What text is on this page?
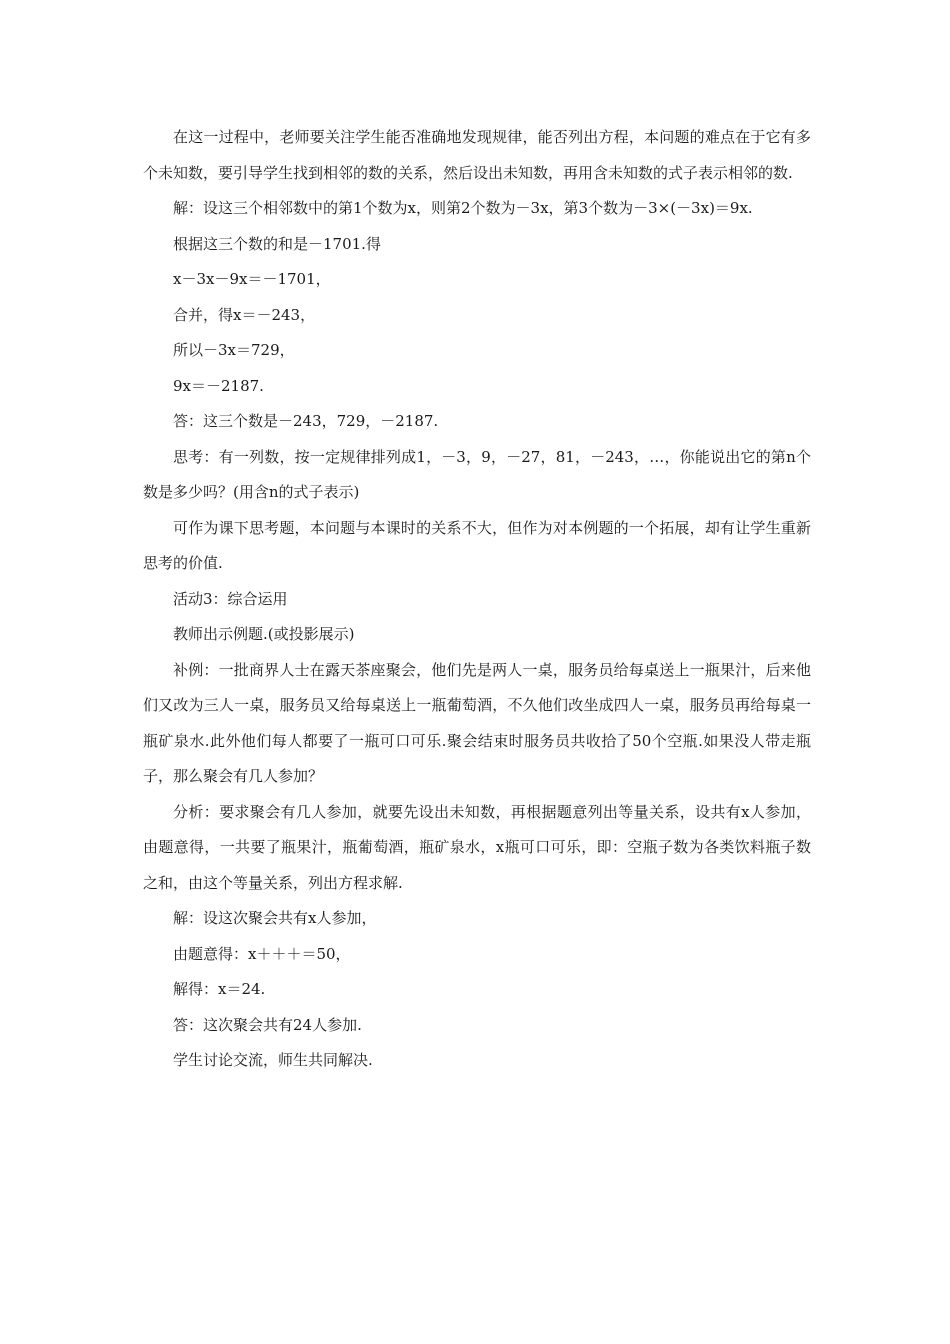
在这一过程中，老师要关注学生能否准确地发现规律，能否列出方程，本问题的难点在于它有多个未知数，要引导学生找到相邻的数的关系，然后设出未知数，再用含未知数的式子表示相邻的数.

解：设这三个相邻数中的第1个数为x，则第2个数为－3x，第3个数为－3×(－3x)＝9x.

根据这三个数的和是－1701.得

x－3x－9x＝－1701，

合并，得x＝－243，

所以－3x＝729，

9x＝－2187.

答：这三个数是－243，729，－2187.

思考：有一列数，按一定规律排列成1，－3，9，－27，81，－243，…，你能说出它的第n个数是多少吗？(用含n的式子表示)

可作为课下思考题，本问题与本课时的关系不大，但作为对本例题的一个拓展，却有让学生重新思考的价值.

活动3：综合运用

教师出示例题.(或投影展示)

补例：一批商界人士在露天茶座聚会，他们先是两人一桌，服务员给每桌送上一瓶果汁，后来他们又改为三人一桌，服务员又给每桌送上一瓶葡萄酒，不久他们改坐成四人一桌，服务员再给每桌一瓶矿泉水.此外他们每人都要了一瓶可口可乐.聚会结束时服务员共收拾了50个空瓶.如果没人带走瓶子，那么聚会有几人参加？

分析：要求聚会有几人参加，就要先设出未知数，再根据题意列出等量关系，设共有x人参加，由题意得，一共要了瓶果汁，瓶葡萄酒，瓶矿泉水，x瓶可口可乐，即：空瓶子数为各类饮料瓶子数之和，由这个等量关系，列出方程求解.

解：设这次聚会共有x人参加，

由题意得：x＋＋＋＝50，

解得：x＝24.

答：这次聚会共有24人参加.

学生讨论交流，师生共同解决.
